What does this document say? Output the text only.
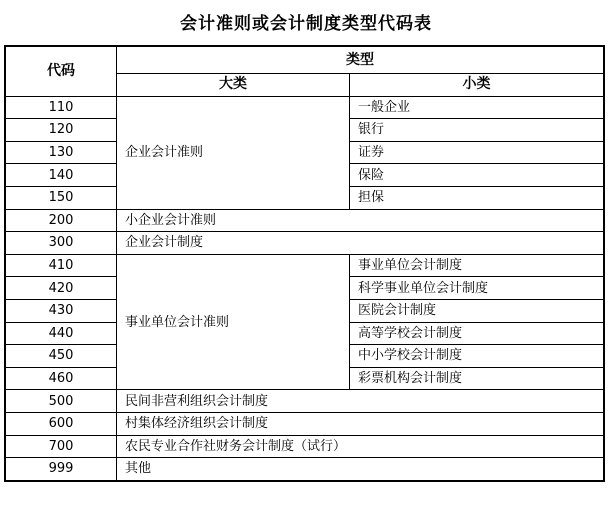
会计准则或会计制度类型代码表
代码	类型	
	大类	小类
110	企业会计准则	一般企业
120		银行
130		证券
140		保险
150		担保
200	小企业会计准则	
300	企业会计制度	
410	事业单位会计准则	事业单位会计制度
420		科学事业单位会计制度
430		医院会计制度
440		高等学校会计制度
450		中小学校会计制度
460		彩票机构会计制度
500	民间非营利组织会计制度	
600	村集体经济组织会计制度	
700	农民专业合作社财务会计制度（试行）	
999	其他	
